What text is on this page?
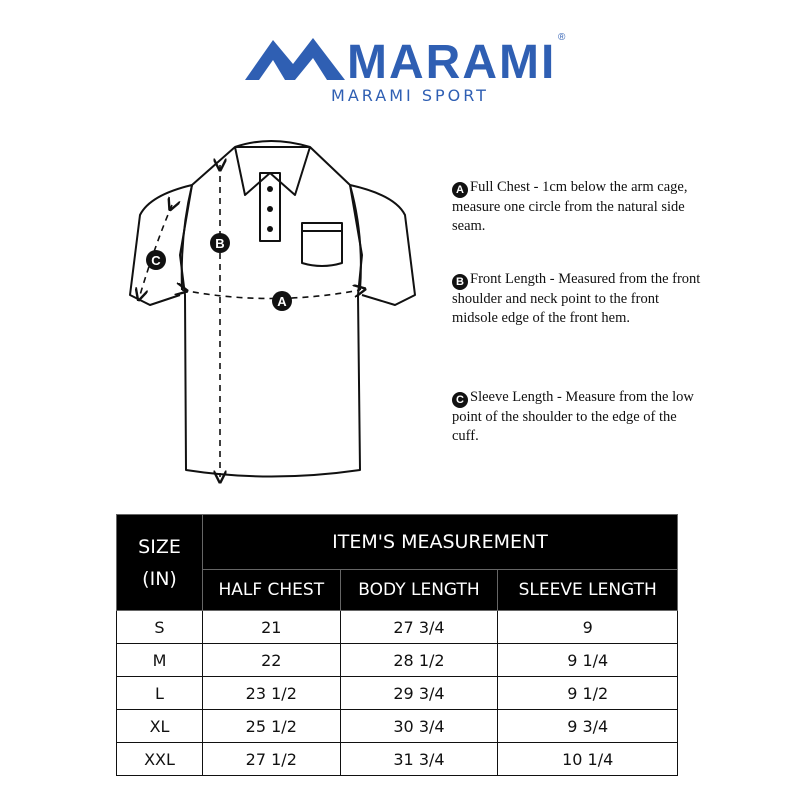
MARAMI ®
MARAMI SPORT
B
A
C
A Full Chest - 1cm below the arm cage, measure one circle from the natural side seam.
B Front Length - Measured from the front shoulder and neck point to the front midsole edge of the front hem.
C Sleeve Length - Measure from the low point of the shoulder to the edge of the cuff.
SIZE
(IN)	ITEM'S MEASUREMENT		
	HALF CHEST	BODY LENGTH	SLEEVE LENGTH
S	21	27 3/4	9
M	22	28 1/2	9 1/4
L	23 1/2	29 3/4	9 1/2
XL	25 1/2	30 3/4	9 3/4
XXL	27 1/2	31 3/4	10 1/4
